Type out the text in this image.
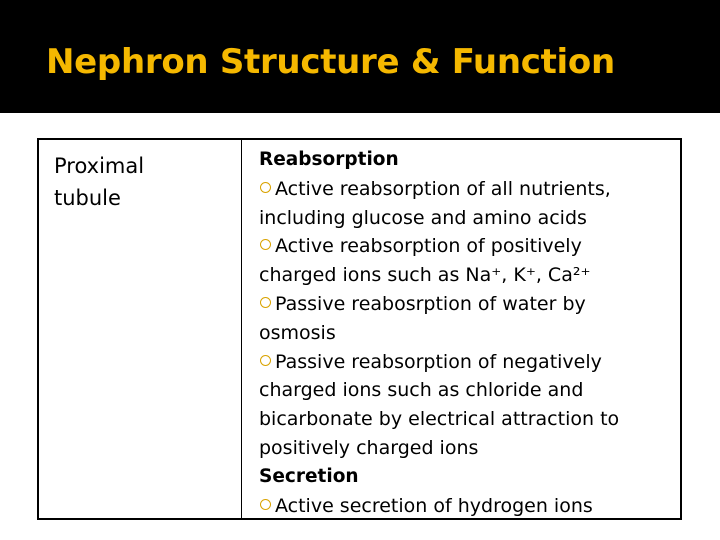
Nephron Structure & Function
Proximal
tubule
Reabsorption
Active reabsorption of all nutrients,
including glucose and amino acids
Active reabsorption of positively
charged ions such as Na⁺, K⁺, Ca²⁺
Passive reabosrption of water by
osmosis
Passive reabsorption of negatively
charged ions such as chloride and
bicarbonate by electrical attraction to
positively charged ions
Secretion
Active secretion of hydrogen ions
